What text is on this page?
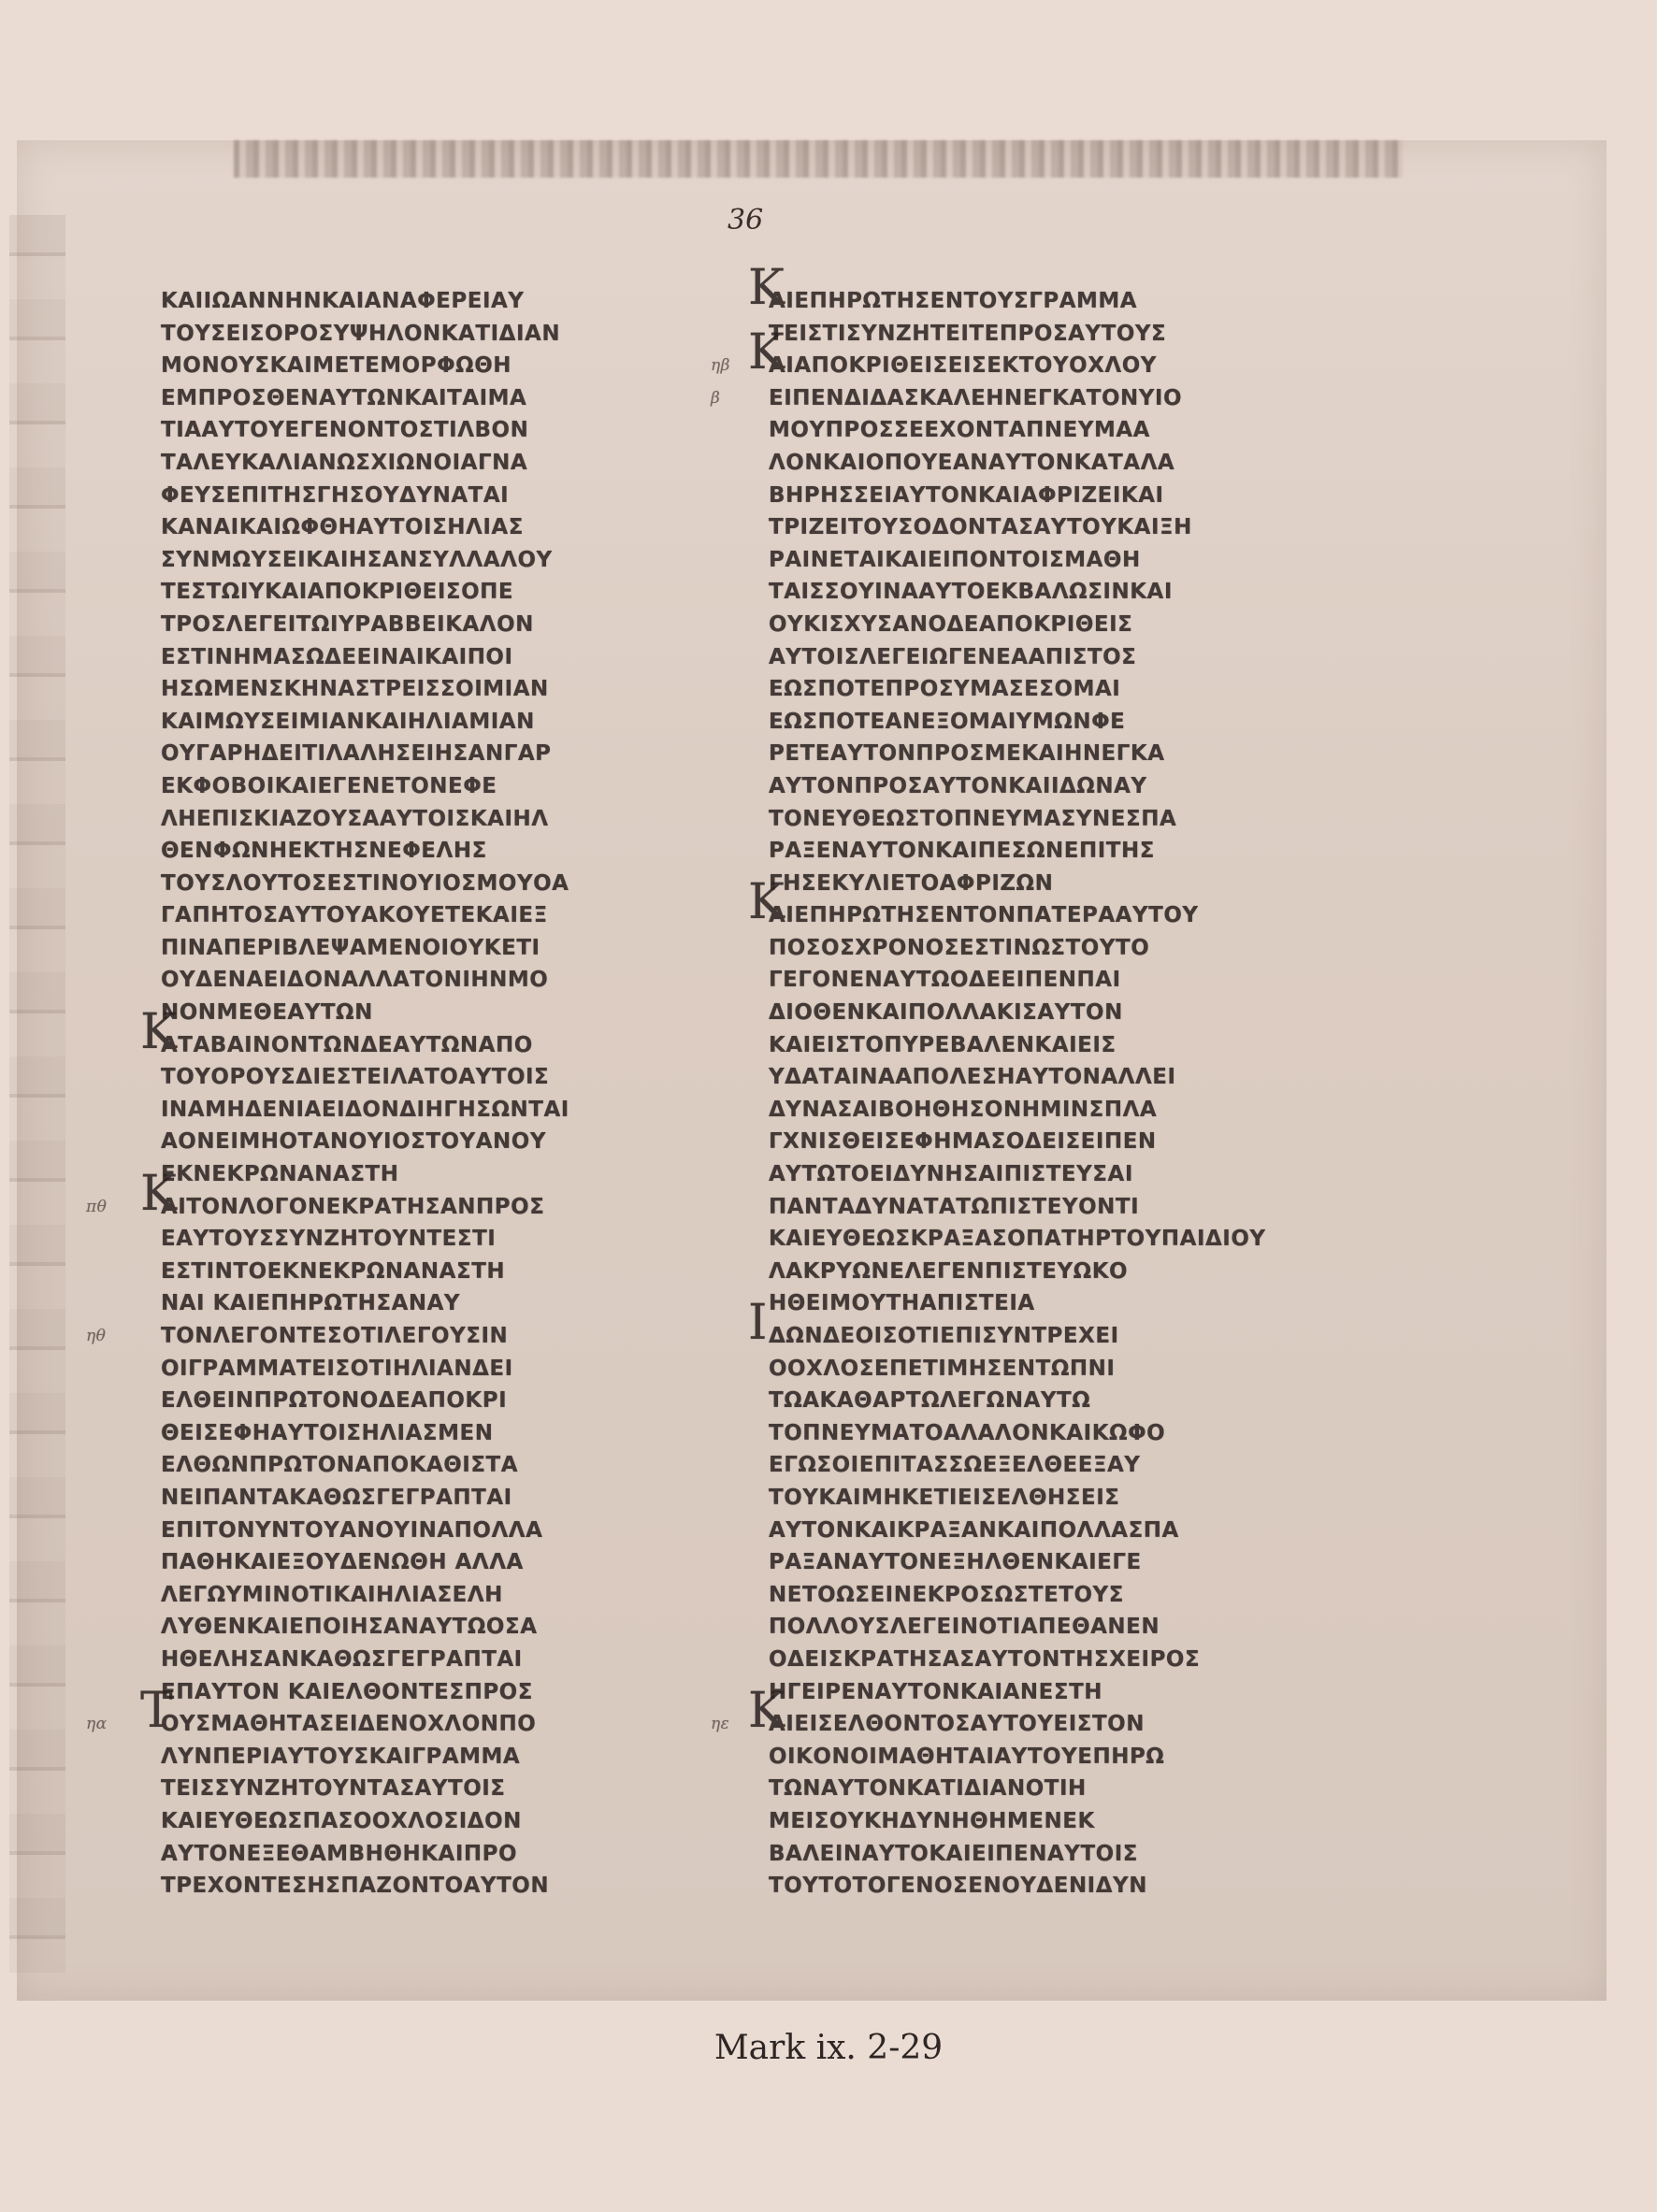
36
ΚΑΙΙΩΑΝΝΗΝΚΑΙΑΝΑΦΕΡΕΙΑΥ
ΤΟΥΣΕΙΣΟΡΟΣΥΨΗΛΟΝΚΑΤΙΔΙΑΝ
ΜΟΝΟΥΣΚΑΙΜΕΤΕΜΟΡΦΩΘΗ
ΕΜΠΡΟΣΘΕΝΑΥΤΩΝΚΑΙΤΑΙΜΑ
ΤΙΑΑΥΤΟΥΕΓΕΝΟΝΤΟΣΤΙΛΒΟΝ
ΤΑΛΕΥΚΑΛΙΑΝΩΣΧΙΩΝΟΙΑΓΝΑ
ΦΕΥΣΕΠΙΤΗΣΓΗΣΟΥΔΥΝΑΤΑΙ
ΚΑΝΑΙΚΑΙΩΦΘΗΑΥΤΟΙΣΗΛΙΑΣ
ΣΥΝΜΩΥΣΕΙΚΑΙΗΣΑΝΣΥΛΛΑΛΟΥ
ΤΕΣΤΩΙΥΚΑΙΑΠΟΚΡΙΘΕΙΣΟΠΕ
ΤΡΟΣΛΕΓΕΙΤΩΙΥΡΑΒΒΕΙΚΑΛΟΝ
ΕΣΤΙΝΗΜΑΣΩΔΕΕΙΝΑΙΚΑΙΠΟΙ
ΗΣΩΜΕΝΣΚΗΝΑΣΤΡΕΙΣΣΟΙΜΙΑΝ
ΚΑΙΜΩΥΣΕΙΜΙΑΝΚΑΙΗΛΙΑΜΙΑΝ
ΟΥΓΑΡΗΔΕΙΤΙΛΑΛΗΣΕΙΗΣΑΝΓΑΡ
ΕΚΦΟΒΟΙΚΑΙΕΓΕΝΕΤΟΝΕΦΕ
ΛΗΕΠΙΣΚΙΑΖΟΥΣΑΑΥΤΟΙΣΚΑΙΗΛ
ΘΕΝΦΩΝΗΕΚΤΗΣΝΕΦΕΛΗΣ
ΤΟΥΣΛΟΥΤΟΣΕΣΤΙΝΟΥΙΟΣΜΟΥΟΑ
ΓΑΠΗΤΟΣΑΥΤΟΥΑΚΟΥΕΤΕΚΑΙΕΞ
ΠΙΝΑΠΕΡΙΒΛΕΨΑΜΕΝΟΙΟΥΚΕΤΙ
ΟΥΔΕΝΑΕΙΔΟΝΑΛΛΑΤΟΝΙΗΝΜΟ
ΝΟΝΜΕΘΕΑΥΤΩΝ
Κ
ΑΤΑΒΑΙΝΟΝΤΩΝΔΕΑΥΤΩΝΑΠΟ
ΤΟΥΟΡΟΥΣΔΙΕΣΤΕΙΛΑΤΟΑΥΤΟΙΣ
ΙΝΑΜΗΔΕΝΙΑΕΙΔΟΝΔΙΗΓΗΣΩΝΤΑΙ
ΑΟΝΕΙΜΗΟΤΑΝΟΥΙΟΣΤΟΥΑΝΟΥ
ΕΚΝΕΚΡΩΝΑΝΑΣΤΗ
Κ
ΑΙΤΟΝΛΟΓΟΝΕΚΡΑΤΗΣΑΝΠΡΟΣ
πθ
ΕΑΥΤΟΥΣΣΥΝΖΗΤΟΥΝΤΕΣΤΙ
ΕΣΤΙΝΤΟΕΚΝΕΚΡΩΝΑΝΑΣΤΗ
ΝΑΙ ΚΑΙΕΠΗΡΩΤΗΣΑΝΑΥ
ΤΟΝΛΕΓΟΝΤΕΣΟΤΙΛΕΓΟΥΣΙΝ
ηθ
ΟΙΓΡΑΜΜΑΤΕΙΣΟΤΙΗΛΙΑΝΔΕΙ
ΕΛΘΕΙΝΠΡΩΤΟΝΟΔΕΑΠΟΚΡΙ
ΘΕΙΣΕΦΗΑΥΤΟΙΣΗΛΙΑΣΜΕΝ
ΕΛΘΩΝΠΡΩΤΟΝΑΠΟΚΑΘΙΣΤΑ
ΝΕΙΠΑΝΤΑΚΑΘΩΣΓΕΓΡΑΠΤΑΙ
ΕΠΙΤΟΝΥΝΤΟΥΑΝΟΥΙΝΑΠΟΛΛΑ
ΠΑΘΗΚΑΙΕΞΟΥΔΕΝΩΘΗ ΑΛΛΑ
ΛΕΓΩΥΜΙΝΟΤΙΚΑΙΗΛΙΑΣΕΛΗ
ΛΥΘΕΝΚΑΙΕΠΟΙΗΣΑΝΑΥΤΩΟΣΑ
ΗΘΕΛΗΣΑΝΚΑΘΩΣΓΕΓΡΑΠΤΑΙ
ΕΠΑΥΤΟΝ ΚΑΙΕΛΘΟΝΤΕΣΠΡΟΣ
Τ
ΟΥΣΜΑΘΗΤΑΣΕΙΔΕΝΟΧΛΟΝΠΟ
ηα
ΛΥΝΠΕΡΙΑΥΤΟΥΣΚΑΙΓΡΑΜΜΑ
ΤΕΙΣΣΥΝΖΗΤΟΥΝΤΑΣΑΥΤΟΙΣ
ΚΑΙΕΥΘΕΩΣΠΑΣΟΟΧΛΟΣΙΔΟΝ
ΑΥΤΟΝΕΞΕΘΑΜΒΗΘΗΚΑΙΠΡΟ
ΤΡΕΧΟΝΤΕΣΗΣΠΑΖΟΝΤΟΑΥΤΟΝ
Κ
ΑΙΕΠΗΡΩΤΗΣΕΝΤΟΥΣΓΡΑΜΜΑ
ΤΕΙΣΤΙΣΥΝΖΗΤΕΙΤΕΠΡΟΣΑΥΤΟΥΣ
Κ
ΑΙΑΠΟΚΡΙΘΕΙΣΕΙΣΕΚΤΟΥΟΧΛΟΥ
ηβ
ΕΙΠΕΝΔΙΔΑΣΚΑΛΕΗΝΕΓΚΑΤΟΝΥΙΟ
β
ΜΟΥΠΡΟΣΣΕΕΧΟΝΤΑΠΝΕΥΜΑΑ
ΛΟΝΚΑΙΟΠΟΥΕΑΝΑΥΤΟΝΚΑΤΑΛΑ
ΒΗΡΗΣΣΕΙΑΥΤΟΝΚΑΙΑΦΡΙΖΕΙΚΑΙ
ΤΡΙΖΕΙΤΟΥΣΟΔΟΝΤΑΣΑΥΤΟΥΚΑΙΞΗ
ΡΑΙΝΕΤΑΙΚΑΙΕΙΠΟΝΤΟΙΣΜΑΘΗ
ΤΑΙΣΣΟΥΙΝΑΑΥΤΟΕΚΒΑΛΩΣΙΝΚΑΙ
ΟΥΚΙΣΧΥΣΑΝΟΔΕΑΠΟΚΡΙΘΕΙΣ
ΑΥΤΟΙΣΛΕΓΕΙΩΓΕΝΕΑΑΠΙΣΤΟΣ
ΕΩΣΠΟΤΕΠΡΟΣΥΜΑΣΕΣΟΜΑΙ
ΕΩΣΠΟΤΕΑΝΕΞΟΜΑΙΥΜΩΝΦΕ
ΡΕΤΕΑΥΤΟΝΠΡΟΣΜΕΚΑΙΗΝΕΓΚΑ
ΑΥΤΟΝΠΡΟΣΑΥΤΟΝΚΑΙΙΔΩΝΑΥ
ΤΟΝΕΥΘΕΩΣΤΟΠΝΕΥΜΑΣΥΝΕΣΠΑ
ΡΑΞΕΝΑΥΤΟΝΚΑΙΠΕΣΩΝΕΠΙΤΗΣ
ΓΗΣΕΚΥΛΙΕΤΟΑΦΡΙΖΩΝ
Κ
ΑΙΕΠΗΡΩΤΗΣΕΝΤΟΝΠΑΤΕΡΑΑΥΤΟΥ
ΠΟΣΟΣΧΡΟΝΟΣΕΣΤΙΝΩΣΤΟΥΤΟ
ΓΕΓΟΝΕΝΑΥΤΩΟΔΕΕΙΠΕΝΠΑΙ
ΔΙΟΘΕΝΚΑΙΠΟΛΛΑΚΙΣΑΥΤΟΝ
ΚΑΙΕΙΣΤΟΠΥΡΕΒΑΛΕΝΚΑΙΕΙΣ
ΥΔΑΤΑΙΝΑΑΠΟΛΕΣΗΑΥΤΟΝΑΛΛΕΙ
ΔΥΝΑΣΑΙΒΟΗΘΗΣΟΝΗΜΙΝΣΠΛΑ
ΓΧΝΙΣΘΕΙΣΕΦΗΜΑΣΟΔΕΙΣΕΙΠΕΝ
ΑΥΤΩΤΟΕΙΔΥΝΗΣΑΙΠΙΣΤΕΥΣΑΙ
ΠΑΝΤΑΔΥΝΑΤΑΤΩΠΙΣΤΕΥΟΝΤΙ
ΚΑΙΕΥΘΕΩΣΚΡΑΞΑΣΟΠΑΤΗΡΤΟΥΠΑΙΔΙΟΥ
ΛΑΚΡΥΩΝΕΛΕΓΕΝΠΙΣΤΕΥΩΚΟ
ΗΘΕΙΜΟΥΤΗΑΠΙΣΤΕΙΑ
Ι ΔΩΝΔΕΟΙΣΟΤΙΕΠΙΣΥΝΤΡΕΧΕΙ
ΟΟΧΛΟΣΕΠΕΤΙΜΗΣΕΝΤΩΠΝΙ
ΤΩΑΚΑΘΑΡΤΩΛΕΓΩΝΑΥΤΩ
ΤΟΠΝΕΥΜΑΤΟΑΛΑΛΟΝΚΑΙΚΩΦΟ
ΕΓΩΣΟΙΕΠΙΤΑΣΣΩΕΞΕΛΘΕΕΞΑΥ
ΤΟΥΚΑΙΜΗΚΕΤΙΕΙΣΕΛΘΗΣΕΙΣ
ΑΥΤΟΝΚΑΙΚΡΑΞΑΝΚΑΙΠΟΛΛΑΣΠΑ
ΡΑΞΑΝΑΥΤΟΝΕΞΗΛΘΕΝΚΑΙΕΓΕ
ΝΕΤΟΩΣΕΙΝΕΚΡΟΣΩΣΤΕΤΟΥΣ
ΠΟΛΛΟΥΣΛΕΓΕΙΝΟΤΙΑΠΕΘΑΝΕΝ
ΟΔΕΙΣΚΡΑΤΗΣΑΣΑΥΤΟΝΤΗΣΧΕΙΡΟΣ
ΗΓΕΙΡΕΝΑΥΤΟΝΚΑΙΑΝΕΣΤΗ
Κ
ΑΙΕΙΣΕΛΘΟΝΤΟΣΑΥΤΟΥΕΙΣΤΟΝ
ηε
ΟΙΚΟΝΟΙΜΑΘΗΤΑΙΑΥΤΟΥΕΠΗΡΩ
ΤΩΝΑΥΤΟΝΚΑΤΙΔΙΑΝΟΤΙΗ
ΜΕΙΣΟΥΚΗΔΥΝΗΘΗΜΕΝΕΚ
ΒΑΛΕΙΝΑΥΤΟΚΑΙΕΙΠΕΝΑΥΤΟΙΣ
ΤΟΥΤΟΤΟΓΕΝΟΣΕΝΟΥΔΕΝΙΔΥΝ
Mark ix. 2-29
